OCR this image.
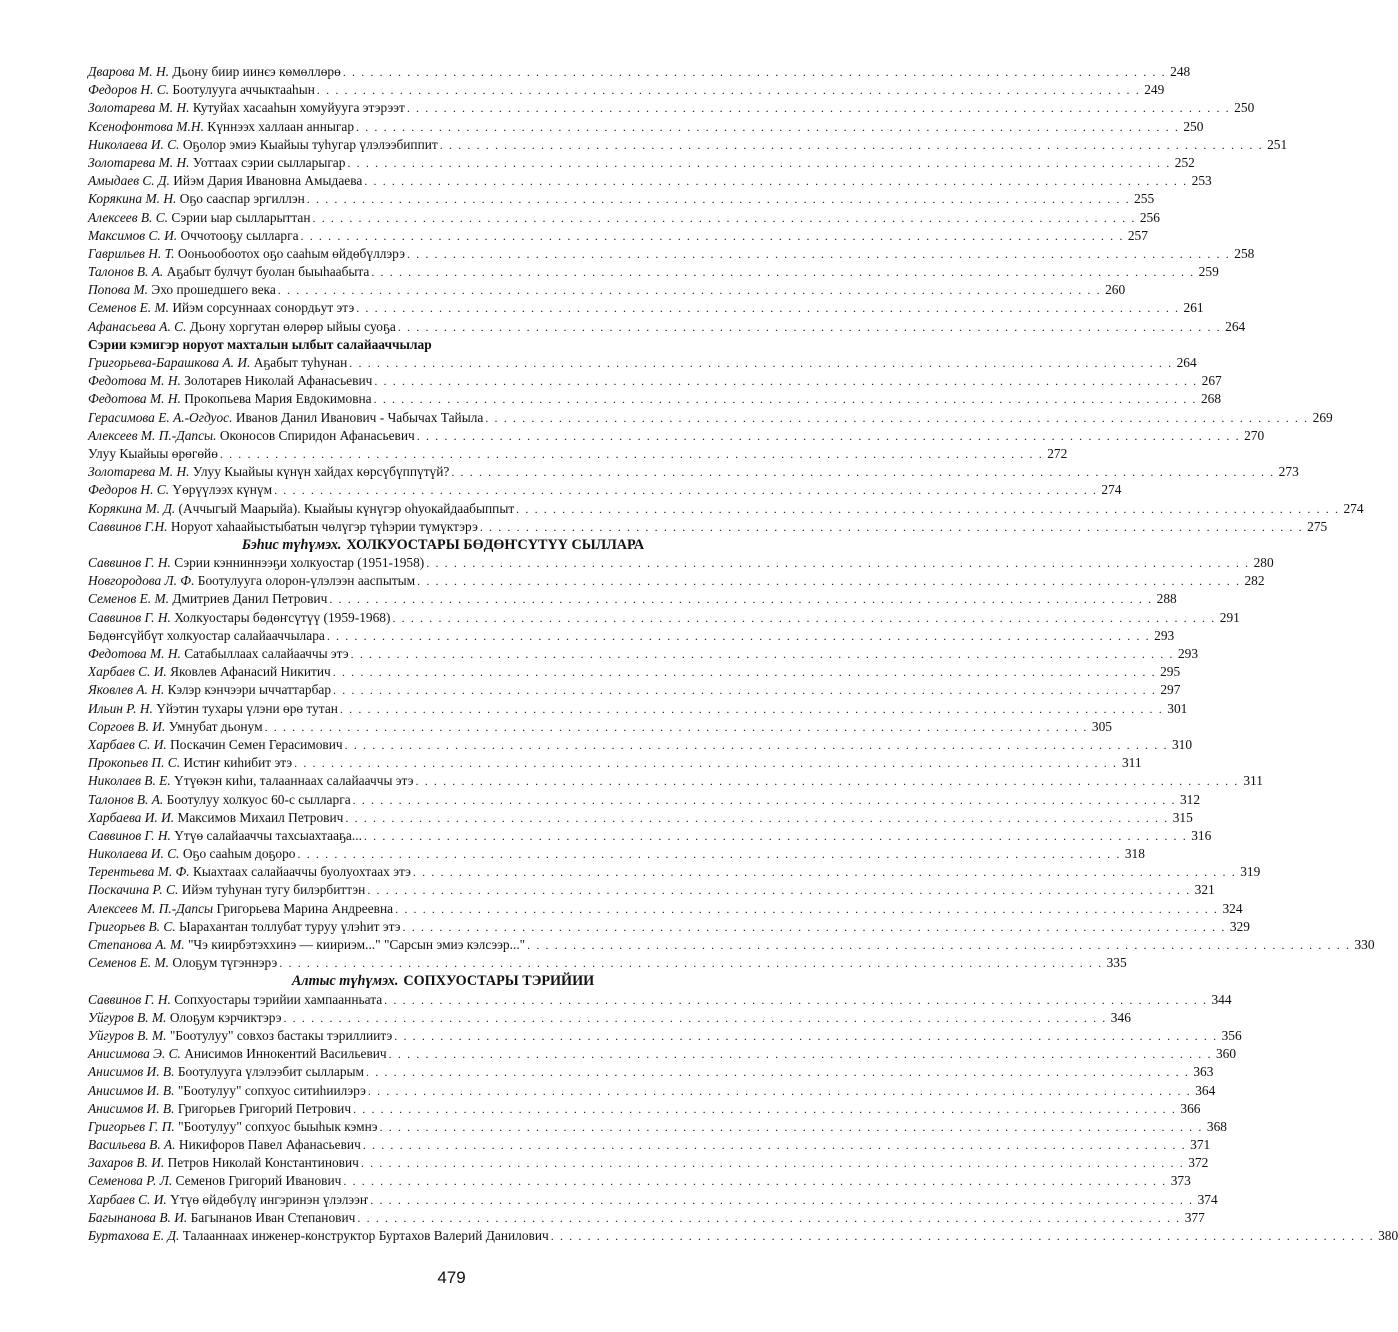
Дварова М. Н. Дьону биир иинєэ көмөллөрө . . . . . . . . . . . . . . . . . . . . . . . . . . . . . . . . . . . . . . . . . . . . . . . . . . . . . . . . . . . . . . . . . . . . . . . . . . . . . . . . . . . . . . . . . . 248
Федоров Н. С. Боотулууга аччыктааһын . . . . . . . . . . . . . . . . . . . . . . . . . . . . . . . . . . . . . . . . . . . . . . . . . . . . . . . . . . . . . . . . . . . . . . . . . . . . . . . . . . . . . . . . . . 249
Золотарева М. Н. Кутуйах хасааһын хомуйууга этэрээт . . . . . . . . . . . . . . . . . . . . . . . . . . . . . . . . . . . . . . . . . . . . . . . . . . . . . . . . . . . . . . . . . . . . . . . . . . . . . . . . . . . . . . . . . . 250
Ксенофонтова М.Н. Күннээх халлаан анныгар . . . . . . . . . . . . . . . . . . . . . . . . . . . . . . . . . . . . . . . . . . . . . . . . . . . . . . . . . . . . . . . . . . . . . . . . . . . . . . . . . . . . . . . . . . 250
Николаева И. С. Оҕолор эмиэ Кыайыы туһугар үлэлээбиппит . . . . . . . . . . . . . . . . . . . . . . . . . . . . . . . . . . . . . . . . . . . . . . . . . . . . . . . . . . . . . . . . . . . . . . . . . . . . . . . . . . . . . . . . . . 251
Золотарева М. Н. Уоттаах сэрии сылларыгар . . . . . . . . . . . . . . . . . . . . . . . . . . . . . . . . . . . . . . . . . . . . . . . . . . . . . . . . . . . . . . . . . . . . . . . . . . . . . . . . . . . . . . . . . . 252
Амыдаев С. Д. Ийэм Дария Ивановна Амыдаева . . . . . . . . . . . . . . . . . . . . . . . . . . . . . . . . . . . . . . . . . . . . . . . . . . . . . . . . . . . . . . . . . . . . . . . . . . . . . . . . . . . . . . . . . . 253
Корякина М. Н. Оҕо сааспар эргиллэн . . . . . . . . . . . . . . . . . . . . . . . . . . . . . . . . . . . . . . . . . . . . . . . . . . . . . . . . . . . . . . . . . . . . . . . . . . . . . . . . . . . . . . . . . . 255
Алексеев В. С. Сэрии ыар сылларыттан . . . . . . . . . . . . . . . . . . . . . . . . . . . . . . . . . . . . . . . . . . . . . . . . . . . . . . . . . . . . . . . . . . . . . . . . . . . . . . . . . . . . . . . . . . 256
Максимов С. И. Оччотооҕу сылларга . . . . . . . . . . . . . . . . . . . . . . . . . . . . . . . . . . . . . . . . . . . . . . . . . . . . . . . . . . . . . . . . . . . . . . . . . . . . . . . . . . . . . . . . . . 257
Гаврильев Н. Т. Ооньообоотох оҕо сааһым өйдөбүллэрэ . . . . . . . . . . . . . . . . . . . . . . . . . . . . . . . . . . . . . . . . . . . . . . . . . . . . . . . . . . . . . . . . . . . . . . . . . . . . . . . . . . . . . . . . . . 258
Талонов В. А. Аҕабыт булчут буолан быыһаабыта . . . . . . . . . . . . . . . . . . . . . . . . . . . . . . . . . . . . . . . . . . . . . . . . . . . . . . . . . . . . . . . . . . . . . . . . . . . . . . . . . . . . . . . . . . 259
Попова М. Эхо прошедшего века . . . . . . . . . . . . . . . . . . . . . . . . . . . . . . . . . . . . . . . . . . . . . . . . . . . . . . . . . . . . . . . . . . . . . . . . . . . . . . . . . . . . . . . . . . 260
Семенов Е. М. Ийэм сорсуннаах сонордьут этэ . . . . . . . . . . . . . . . . . . . . . . . . . . . . . . . . . . . . . . . . . . . . . . . . . . . . . . . . . . . . . . . . . . . . . . . . . . . . . . . . . . . . . . . . . . 261
Афанасьева А. С. Дьону хоргутан өлөрөр ыйыы суоҕа . . . . . . . . . . . . . . . . . . . . . . . . . . . . . . . . . . . . . . . . . . . . . . . . . . . . . . . . . . . . . . . . . . . . . . . . . . . . . . . . . . . . . . . . . . 264
Сэрии кэмигэр норуот махталын ылбыт салайааччылар
Григорьева-Барашкова А. И. Аҕабыт туһунан . . . . . . . . . . . . . . . . . . . . . . . . . . . . . . . . . . . . . . . . . . . . . . . . . . . . . . . . . . . . . . . . . . . . . . . . . . . . . . . . . . . . . . . . . . 264
Федотова М. Н. Золотарев Николай Афанасьевич . . . . . . . . . . . . . . . . . . . . . . . . . . . . . . . . . . . . . . . . . . . . . . . . . . . . . . . . . . . . . . . . . . . . . . . . . . . . . . . . . . . . . . . . . . 267
Федотова М. Н. Прокопьева Мария Евдокимовна . . . . . . . . . . . . . . . . . . . . . . . . . . . . . . . . . . . . . . . . . . . . . . . . . . . . . . . . . . . . . . . . . . . . . . . . . . . . . . . . . . . . . . . . . . 268
Герасимова Е. А.-Огдуос. Иванов Данил Иванович - Чабычах Тайыла . . . . . . . . . . . . . . . . . . . . . . . . . . . . . . . . . . . . . . . . . . . . . . . . . . . . . . . . . . . . . . . . . . . . . . . . . . . . . . . . . . . . . . . . . . 269
Алексеев М. П.-Дапсы. Оконосов Спиридон Афанасьевич . . . . . . . . . . . . . . . . . . . . . . . . . . . . . . . . . . . . . . . . . . . . . . . . . . . . . . . . . . . . . . . . . . . . . . . . . . . . . . . . . . . . . . . . . . 270
Улуу Кыайыы өрөгөйө . . . . . . . . . . . . . . . . . . . . . . . . . . . . . . . . . . . . . . . . . . . . . . . . . . . . . . . . . . . . . . . . . . . . . . . . . . . . . . . . . . . . . . . . . . 272
Золотарева М. Н. Улуу Кыайыы күнүн хайдах көрсүбүппүтүй? . . . . . . . . . . . . . . . . . . . . . . . . . . . . . . . . . . . . . . . . . . . . . . . . . . . . . . . . . . . . . . . . . . . . . . . . . . . . . . . . . . . . . . . . . . 273
Федоров Н. С. Үөрүүлээх күнүм . . . . . . . . . . . . . . . . . . . . . . . . . . . . . . . . . . . . . . . . . . . . . . . . . . . . . . . . . . . . . . . . . . . . . . . . . . . . . . . . . . . . . . . . . . 274
Корякина М. Д. (Аччыгый Маарыйа). Кыайыы күнүгэр оһуокайдаабыппыт . . . . . . . . . . . . . . . . . . . . . . . . . . . . . . . . . . . . . . . . . . . . . . . . . . . . . . . . . . . . . . . . . . . . . . . . . . . . . . . . . . . . . . . . . . 274
Саввинов Г.Н. Норуот хаһаайыстыбатын чөлүгэр түһэрии түмүктэрэ . . . . . . . . . . . . . . . . . . . . . . . . . . . . . . . . . . . . . . . . . . . . . . . . . . . . . . . . . . . . . . . . . . . . . . . . . . . . . . . . . . . . . . . . . . 275
Бэһис түһүмэх. ХОЛКУОСТАРЫ БӨДӨҤСҮТҮҮ СЫЛЛАРА
Саввинов Г. Н. Сэрии кэнниннээҕи холкуостар (1951-1958) . . . . . . . . . . . . . . . . . . . . . . . . . . . . . . . . . . . . . . . . . . . . . . . . . . . . . . . . . . . . . . . . . . . . . . . . . . . . . . . . . . . . . . . . . . 280
Новгородова Л. Ф. Боотулууга олорон-үлэлээн ааспытым . . . . . . . . . . . . . . . . . . . . . . . . . . . . . . . . . . . . . . . . . . . . . . . . . . . . . . . . . . . . . . . . . . . . . . . . . . . . . . . . . . . . . . . . . . 282
Семенов Е. М. Дмитриев Данил Петрович . . . . . . . . . . . . . . . . . . . . . . . . . . . . . . . . . . . . . . . . . . . . . . . . . . . . . . . . . . . . . . . . . . . . . . . . . . . . . . . . . . . . . . . . . . 288
Саввинов Г. Н. Холкуостары бөдөҥсүтүү (1959-1968) . . . . . . . . . . . . . . . . . . . . . . . . . . . . . . . . . . . . . . . . . . . . . . . . . . . . . . . . . . . . . . . . . . . . . . . . . . . . . . . . . . . . . . . . . . 291
Бөдөҥсүйбүт холкуостар салайааччылара . . . . . . . . . . . . . . . . . . . . . . . . . . . . . . . . . . . . . . . . . . . . . . . . . . . . . . . . . . . . . . . . . . . . . . . . . . . . . . . . . . . . . . . . . . 293
Федотова М. Н. Сатабыллаах салайааччы этэ . . . . . . . . . . . . . . . . . . . . . . . . . . . . . . . . . . . . . . . . . . . . . . . . . . . . . . . . . . . . . . . . . . . . . . . . . . . . . . . . . . . . . . . . . . 293
Харбаев С. И. Яковлев Афанасий Никитич . . . . . . . . . . . . . . . . . . . . . . . . . . . . . . . . . . . . . . . . . . . . . . . . . . . . . . . . . . . . . . . . . . . . . . . . . . . . . . . . . . . . . . . . . . 295
Яковлев А. Н. Кэлэр кэнчээри ыччаттарбар . . . . . . . . . . . . . . . . . . . . . . . . . . . . . . . . . . . . . . . . . . . . . . . . . . . . . . . . . . . . . . . . . . . . . . . . . . . . . . . . . . . . . . . . . . 297
Ильин Р. Н. Үйэтин тухары үлэни өрө тутан . . . . . . . . . . . . . . . . . . . . . . . . . . . . . . . . . . . . . . . . . . . . . . . . . . . . . . . . . . . . . . . . . . . . . . . . . . . . . . . . . . . . . . . . . . 301
Соргоев В. И. Умнубат дьонум . . . . . . . . . . . . . . . . . . . . . . . . . . . . . . . . . . . . . . . . . . . . . . . . . . . . . . . . . . . . . . . . . . . . . . . . . . . . . . . . . . . . . . . . . . 305
Харбаев С. И. Поскачин Семен Герасимович . . . . . . . . . . . . . . . . . . . . . . . . . . . . . . . . . . . . . . . . . . . . . . . . . . . . . . . . . . . . . . . . . . . . . . . . . . . . . . . . . . . . . . . . . . 310
Прокопьев П. С. Истиҥ киһибит этэ . . . . . . . . . . . . . . . . . . . . . . . . . . . . . . . . . . . . . . . . . . . . . . . . . . . . . . . . . . . . . . . . . . . . . . . . . . . . . . . . . . . . . . . . . . 311
Николаев В. Е. Үтүөкэн киһи, талааннаах салайааччы этэ . . . . . . . . . . . . . . . . . . . . . . . . . . . . . . . . . . . . . . . . . . . . . . . . . . . . . . . . . . . . . . . . . . . . . . . . . . . . . . . . . . . . . . . . . . 311
Талонов В. А. Боотулуу холкуос 60-с сылларга . . . . . . . . . . . . . . . . . . . . . . . . . . . . . . . . . . . . . . . . . . . . . . . . . . . . . . . . . . . . . . . . . . . . . . . . . . . . . . . . . . . . . . . . . . 312
Харбаева И. И. Максимов Михаил Петрович . . . . . . . . . . . . . . . . . . . . . . . . . . . . . . . . . . . . . . . . . . . . . . . . . . . . . . . . . . . . . . . . . . . . . . . . . . . . . . . . . . . . . . . . . . 315
Саввинов Г. Н. Үтүө салайааччы тахсыахтааҕа... . . . . . . . . . . . . . . . . . . . . . . . . . . . . . . . . . . . . . . . . . . . . . . . . . . . . . . . . . . . . . . . . . . . . . . . . . . . . . . . . . . . . . . . . . . 316
Николаева И. С. Оҕо сааһым доҕоро . . . . . . . . . . . . . . . . . . . . . . . . . . . . . . . . . . . . . . . . . . . . . . . . . . . . . . . . . . . . . . . . . . . . . . . . . . . . . . . . . . . . . . . . . . 318
Терентьева М. Ф. Кыахтаах салайааччы буолуохтаах этэ . . . . . . . . . . . . . . . . . . . . . . . . . . . . . . . . . . . . . . . . . . . . . . . . . . . . . . . . . . . . . . . . . . . . . . . . . . . . . . . . . . . . . . . . . . 319
Поскачина Р. С. Ийэм туһунан тугу билэрбиттэн . . . . . . . . . . . . . . . . . . . . . . . . . . . . . . . . . . . . . . . . . . . . . . . . . . . . . . . . . . . . . . . . . . . . . . . . . . . . . . . . . . . . . . . . . . 321
Алексеев М. П.-Дапсы Григорьева Марина Андреевна . . . . . . . . . . . . . . . . . . . . . . . . . . . . . . . . . . . . . . . . . . . . . . . . . . . . . . . . . . . . . . . . . . . . . . . . . . . . . . . . . . . . . . . . . . 324
Григорьев В. С. Ыарахантан толлубат туруу үлэһит этэ . . . . . . . . . . . . . . . . . . . . . . . . . . . . . . . . . . . . . . . . . . . . . . . . . . . . . . . . . . . . . . . . . . . . . . . . . . . . . . . . . . . . . . . . . . 329
Степанова А. М. "Чэ киирбэтэххинэ — киириэм..." "Сарсын эмиэ кэлсээр..." . . . . . . . . . . . . . . . . . . . . . . . . . . . . . . . . . . . . . . . . . . . . . . . . . . . . . . . . . . . . . . . . . . . . . . . . . . . . . . . . . . . . . . . . . . 330
Семенов Е. М. Олоҕум түгэннэрэ . . . . . . . . . . . . . . . . . . . . . . . . . . . . . . . . . . . . . . . . . . . . . . . . . . . . . . . . . . . . . . . . . . . . . . . . . . . . . . . . . . . . . . . . . . 335
Алтыс түһүмэх. СОПХУОСТАРЫ ТЭРИЙИИ
Саввинов Г. Н. Сопхуостары тэрийии хампаанньата . . . . . . . . . . . . . . . . . . . . . . . . . . . . . . . . . . . . . . . . . . . . . . . . . . . . . . . . . . . . . . . . . . . . . . . . . . . . . . . . . . . . . . . . . . 344
Уйгуров В. М. Олоҕум кэрчиктэрэ . . . . . . . . . . . . . . . . . . . . . . . . . . . . . . . . . . . . . . . . . . . . . . . . . . . . . . . . . . . . . . . . . . . . . . . . . . . . . . . . . . . . . . . . . . 346
Уйгуров В. М. "Боотулуу" совхоз бастакы тэриллиитэ . . . . . . . . . . . . . . . . . . . . . . . . . . . . . . . . . . . . . . . . . . . . . . . . . . . . . . . . . . . . . . . . . . . . . . . . . . . . . . . . . . . . . . . . . . 356
Анисимова Э. С. Анисимов Иннокентий Васильевич . . . . . . . . . . . . . . . . . . . . . . . . . . . . . . . . . . . . . . . . . . . . . . . . . . . . . . . . . . . . . . . . . . . . . . . . . . . . . . . . . . . . . . . . . . 360
Анисимов И. В. Боотулууга үлэлээбит сылларым . . . . . . . . . . . . . . . . . . . . . . . . . . . . . . . . . . . . . . . . . . . . . . . . . . . . . . . . . . . . . . . . . . . . . . . . . . . . . . . . . . . . . . . . . . 363
Анисимов И. В. "Боотулуу" сопхуос ситиһиилэрэ . . . . . . . . . . . . . . . . . . . . . . . . . . . . . . . . . . . . . . . . . . . . . . . . . . . . . . . . . . . . . . . . . . . . . . . . . . . . . . . . . . . . . . . . . . 364
Анисимов И. В. Григорьев Григорий Петрович . . . . . . . . . . . . . . . . . . . . . . . . . . . . . . . . . . . . . . . . . . . . . . . . . . . . . . . . . . . . . . . . . . . . . . . . . . . . . . . . . . . . . . . . . . 366
Григорьев Г. П. "Боотулуу" сопхуос быыһык кэмнэ . . . . . . . . . . . . . . . . . . . . . . . . . . . . . . . . . . . . . . . . . . . . . . . . . . . . . . . . . . . . . . . . . . . . . . . . . . . . . . . . . . . . . . . . . . 368
Васильева В. А. Никифоров Павел Афанасьевич . . . . . . . . . . . . . . . . . . . . . . . . . . . . . . . . . . . . . . . . . . . . . . . . . . . . . . . . . . . . . . . . . . . . . . . . . . . . . . . . . . . . . . . . . . 371
Захаров В. И. Петров Николай Константинович . . . . . . . . . . . . . . . . . . . . . . . . . . . . . . . . . . . . . . . . . . . . . . . . . . . . . . . . . . . . . . . . . . . . . . . . . . . . . . . . . . . . . . . . . . 372
Семенова Р. Л. Семенов Григорий Иванович . . . . . . . . . . . . . . . . . . . . . . . . . . . . . . . . . . . . . . . . . . . . . . . . . . . . . . . . . . . . . . . . . . . . . . . . . . . . . . . . . . . . . . . . . . 373
Харбаев С. И. Үтүө өйдөбүлү ингэринэн үлэлээҥ . . . . . . . . . . . . . . . . . . . . . . . . . . . . . . . . . . . . . . . . . . . . . . . . . . . . . . . . . . . . . . . . . . . . . . . . . . . . . . . . . . . . . . . . . . 374
Багынанова В. И. Багынанов Иван Степанович . . . . . . . . . . . . . . . . . . . . . . . . . . . . . . . . . . . . . . . . . . . . . . . . . . . . . . . . . . . . . . . . . . . . . . . . . . . . . . . . . . . . . . . . . . 377
Буртахова Е. Д. Талааннаах инженер-конструктор Буртахов Валерий Данилович . . . . . . . . . . . . . . . . . . . . . . . . . . . . . . . . . . . . . . . . . . . . . . . . . . . . . . . . . . . . . . . . . . . . . . . . . . . . . . . . . . . . . . . . . . 380
479
